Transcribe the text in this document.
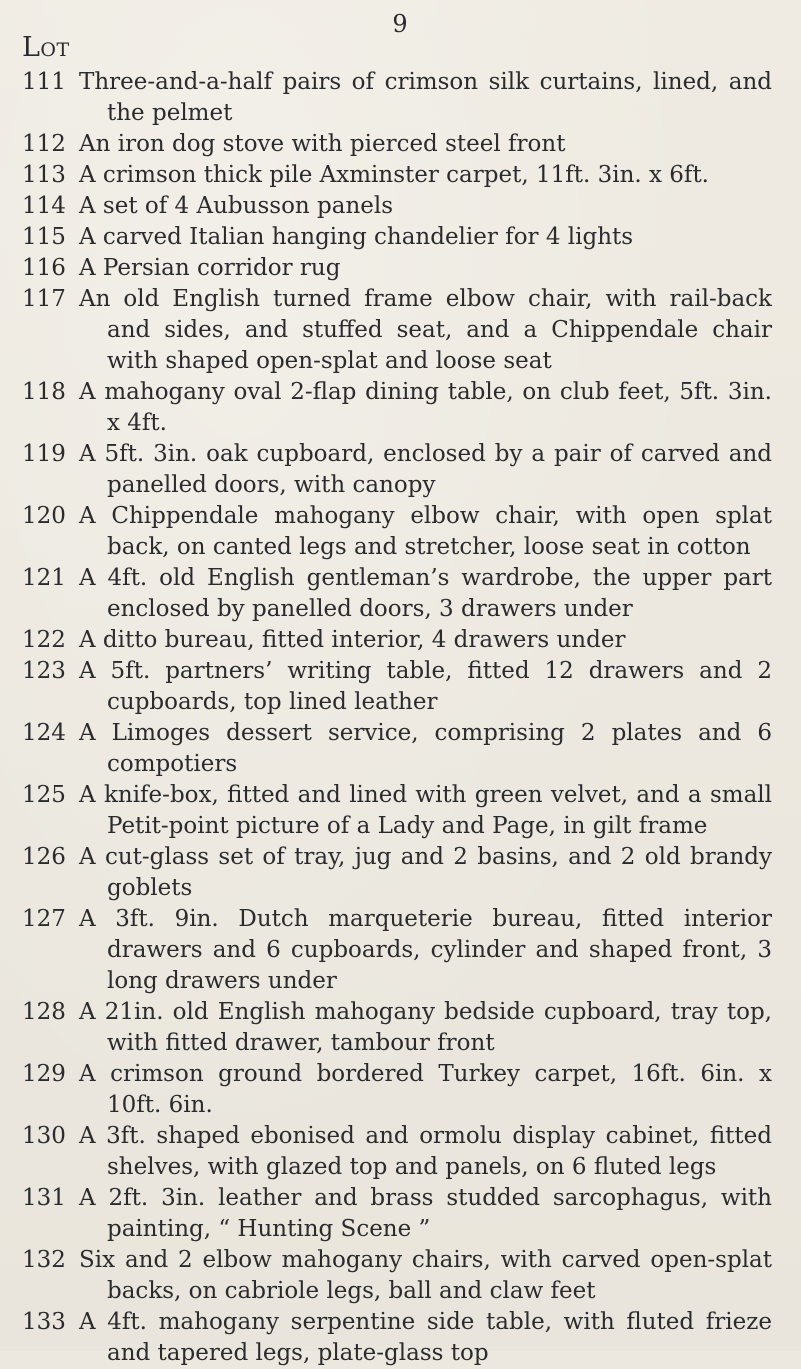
9
Lot
111 Three-and-a-half pairs of crimson silk curtains, lined, and the pelmet
112 An iron dog stove with pierced steel front
113 A crimson thick pile Axminster carpet, 11ft. 3in. x 6ft.
114 A set of 4 Aubusson panels
115 A carved Italian hanging chandelier for 4 lights
116 A Persian corridor rug
117 An old English turned frame elbow chair, with rail-back and sides, and stuffed seat, and a Chippendale chair with shaped open-splat and loose seat
118 A mahogany oval 2-flap dining table, on club feet, 5ft. 3in. x 4ft.
119 A 5ft. 3in. oak cupboard, enclosed by a pair of carved and panelled doors, with canopy
120 A Chippendale mahogany elbow chair, with open splat back, on canted legs and stretcher, loose seat in cotton
121 A 4ft. old English gentleman’s wardrobe, the upper part enclosed by panelled doors, 3 drawers under
122 A ditto bureau, fitted interior, 4 drawers under
123 A 5ft. partners’ writing table, fitted 12 drawers and 2 cupboards, top lined leather
124 A Limoges dessert service, comprising 2 plates and 6 compotiers
125 A knife-box, fitted and lined with green velvet, and a small Petit-point picture of a Lady and Page, in gilt frame
126 A cut-glass set of tray, jug and 2 basins, and 2 old brandy goblets
127 A 3ft. 9in. Dutch marqueterie bureau, fitted interior drawers and 6 cupboards, cylinder and shaped front, 3 long drawers under
128 A 21in. old English mahogany bedside cupboard, tray top, with fitted drawer, tambour front
129 A crimson ground bordered Turkey carpet, 16ft. 6in. x 10ft. 6in.
130 A 3ft. shaped ebonised and ormolu display cabinet, fitted shelves, with glazed top and panels, on 6 fluted legs
131 A 2ft. 3in. leather and brass studded sarcophagus, with painting, “ Hunting Scene ”
132 Six and 2 elbow mahogany chairs, with carved open-splat backs, on cabriole legs, ball and claw feet
133 A 4ft. mahogany serpentine side table, with fluted frieze and tapered legs, plate-glass top
